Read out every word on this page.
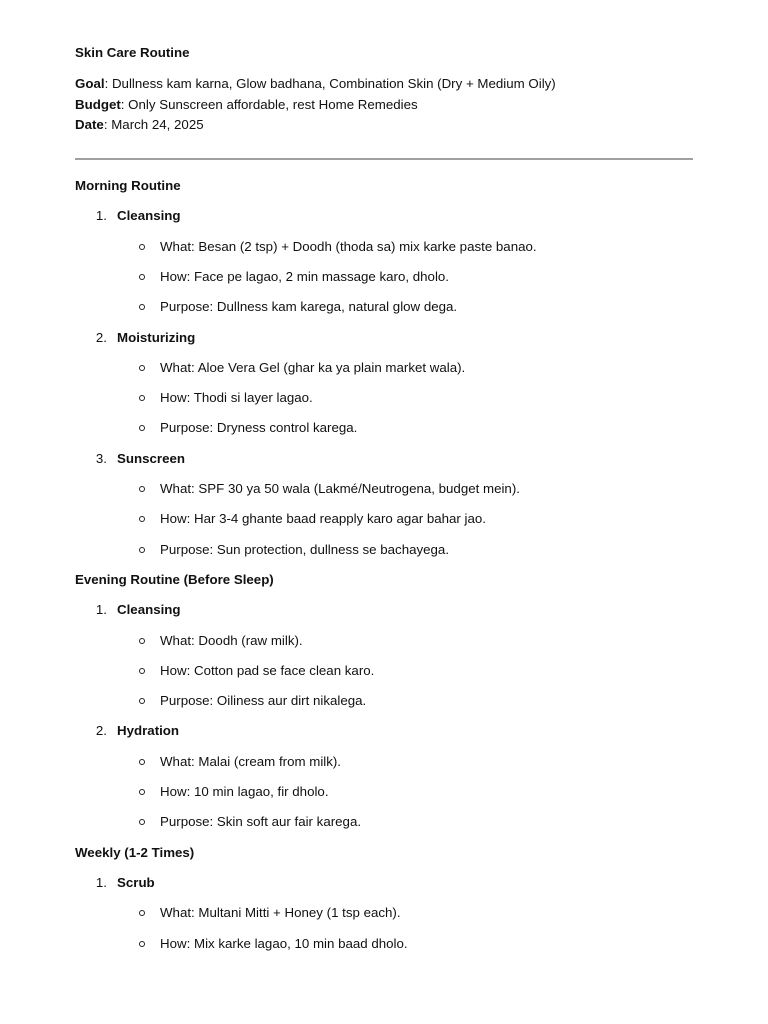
Skin Care Routine
Goal: Dullness kam karna, Glow badhana, Combination Skin (Dry + Medium Oily)
Budget: Only Sunscreen affordable, rest Home Remedies
Date: March 24, 2025
Morning Routine
1. Cleansing
What: Besan (2 tsp) + Doodh (thoda sa) mix karke paste banao.
How: Face pe lagao, 2 min massage karo, dholo.
Purpose: Dullness kam karega, natural glow dega.
2. Moisturizing
What: Aloe Vera Gel (ghar ka ya plain market wala).
How: Thodi si layer lagao.
Purpose: Dryness control karega.
3. Sunscreen
What: SPF 30 ya 50 wala (Lakmé/Neutrogena, budget mein).
How: Har 3-4 ghante baad reapply karo agar bahar jao.
Purpose: Sun protection, dullness se bachayega.
Evening Routine (Before Sleep)
1. Cleansing
What: Doodh (raw milk).
How: Cotton pad se face clean karo.
Purpose: Oiliness aur dirt nikalega.
2. Hydration
What: Malai (cream from milk).
How: 10 min lagao, fir dholo.
Purpose: Skin soft aur fair karega.
Weekly (1-2 Times)
1. Scrub
What: Multani Mitti + Honey (1 tsp each).
How: Mix karke lagao, 10 min baad dholo.
